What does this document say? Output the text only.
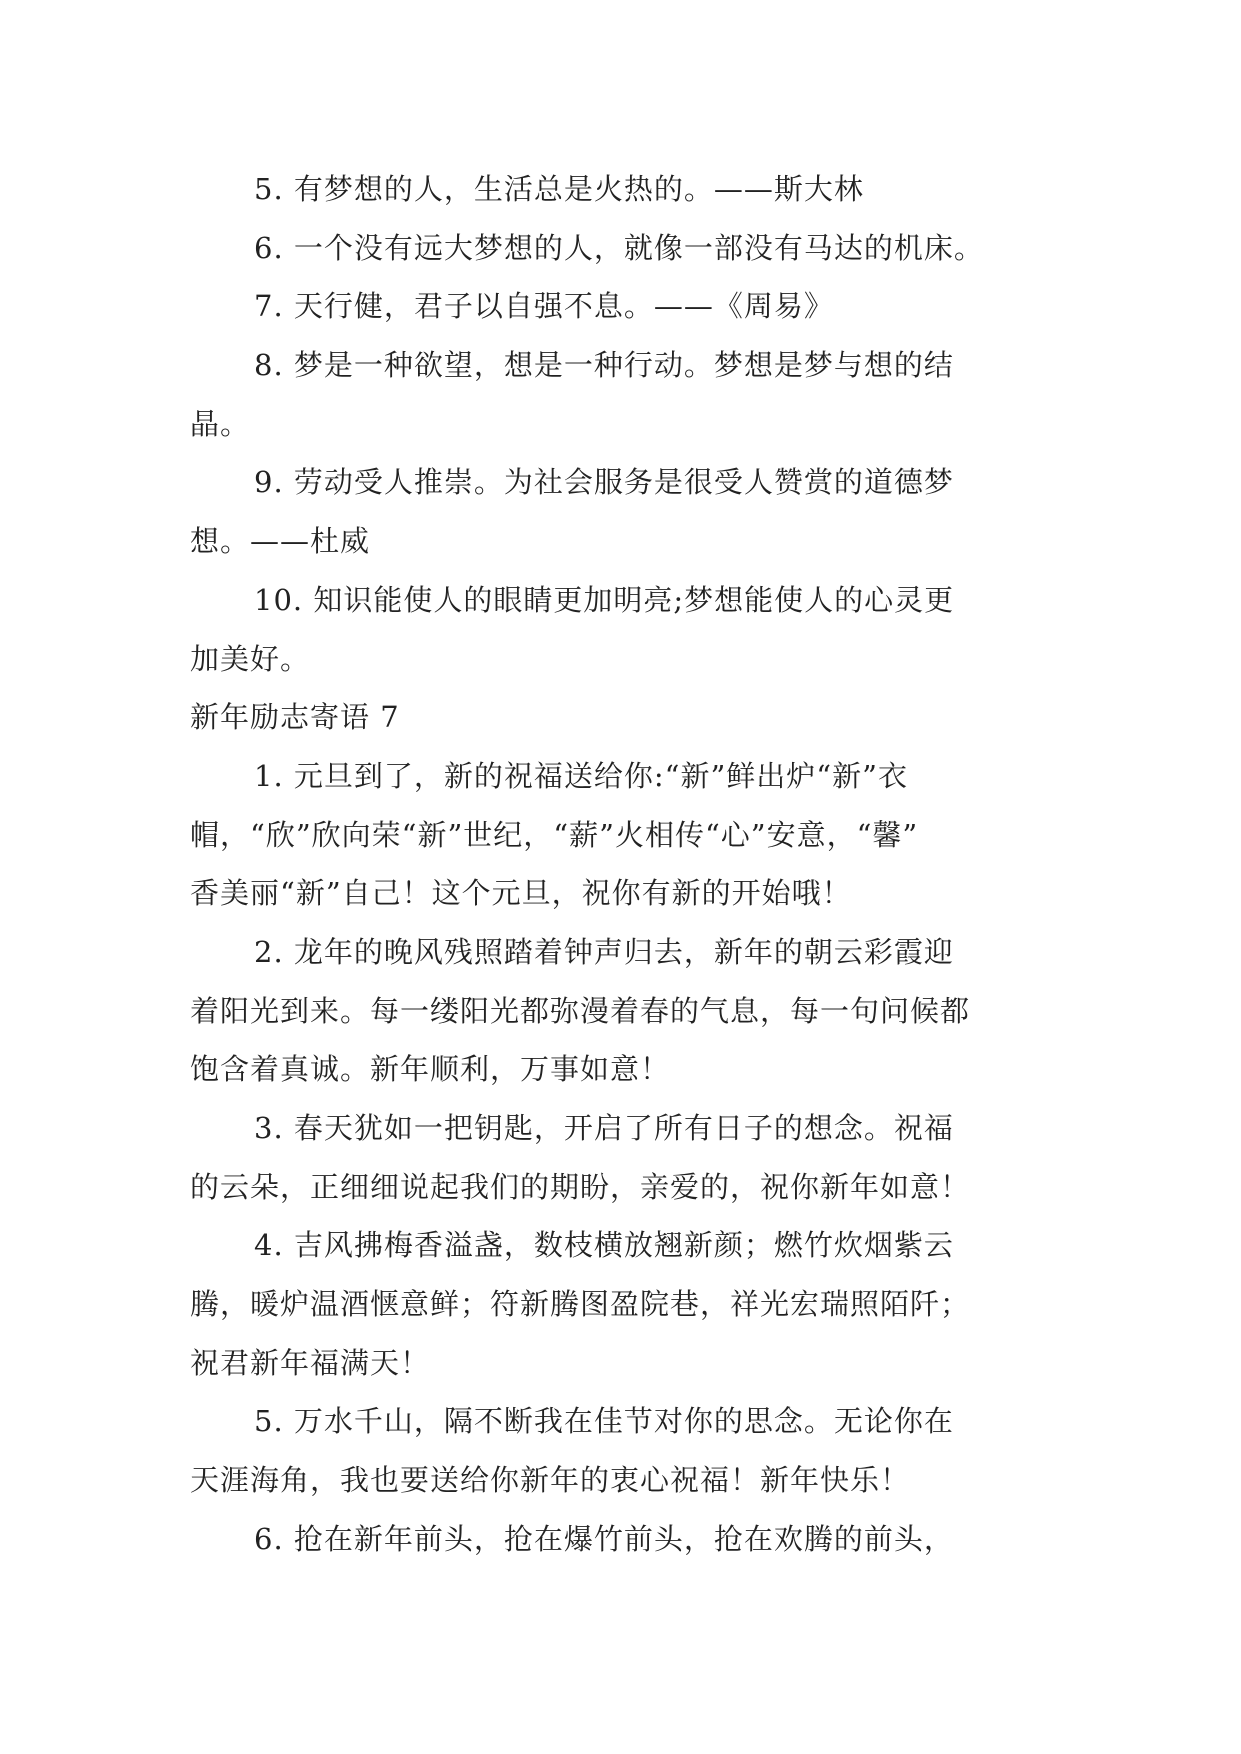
5. 有梦想的人，生活总是火热的。——斯大林
6. 一个没有远大梦想的人，就像一部没有马达的机床。
7. 天行健，君子以自强不息。——《周易》
8. 梦是一种欲望，想是一种行动。梦想是梦与想的结
晶。
9. 劳动受人推崇。为社会服务是很受人赞赏的道德梦
想。——杜威
10. 知识能使人的眼睛更加明亮;梦想能使人的心灵更
加美好。
新年励志寄语 7
1. 元旦到了，新的祝福送给你:“新”鲜出炉“新”衣
帽，“欣”欣向荣“新”世纪，“薪”火相传“心”安意，“馨”
香美丽“新”自己！这个元旦，祝你有新的开始哦！
2. 龙年的晚风残照踏着钟声归去，新年的朝云彩霞迎
着阳光到来。每一缕阳光都弥漫着春的气息，每一句问候都
饱含着真诚。新年顺利，万事如意！
3. 春天犹如一把钥匙，开启了所有日子的想念。祝福
的云朵，正细细说起我们的期盼，亲爱的，祝你新年如意！
4. 吉风拂梅香溢盏，数枝横放翘新颜；燃竹炊烟紫云
腾，暖炉温酒惬意鲜；符新腾图盈院巷，祥光宏瑞照陌阡；
祝君新年福满天！
5. 万水千山，隔不断我在佳节对你的思念。无论你在
天涯海角，我也要送给你新年的衷心祝福！新年快乐！
6. 抢在新年前头，抢在爆竹前头，抢在欢腾的前头，
